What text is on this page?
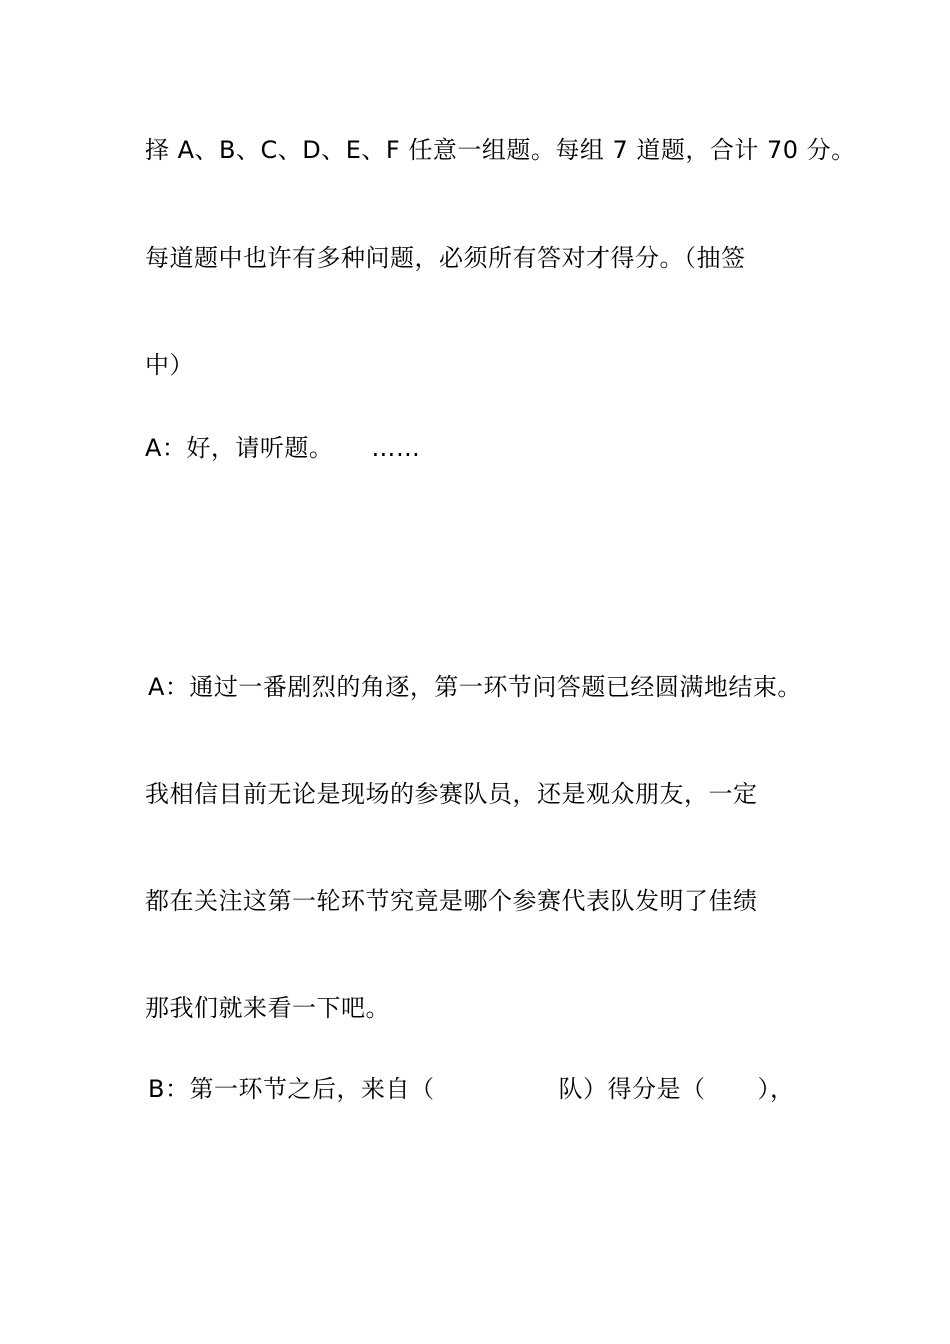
择 A、B、C、D、E、F 任意一组题。每组 7 道题，合计 70 分。
每道题中也许有多种问题，必须所有答对才得分。（抽签
中）
A：好，请听题。 ……
A：通过一番剧烈的角逐，第一环节问答题已经圆满地结束。
我相信目前无论是现场的参赛队员，还是观众朋友，一定
都在关注这第一轮环节究竟是哪个参赛代表队发明了佳绩
那我们就来看一下吧。
B：第一环节之后，来自（	队）得分是（ ），
